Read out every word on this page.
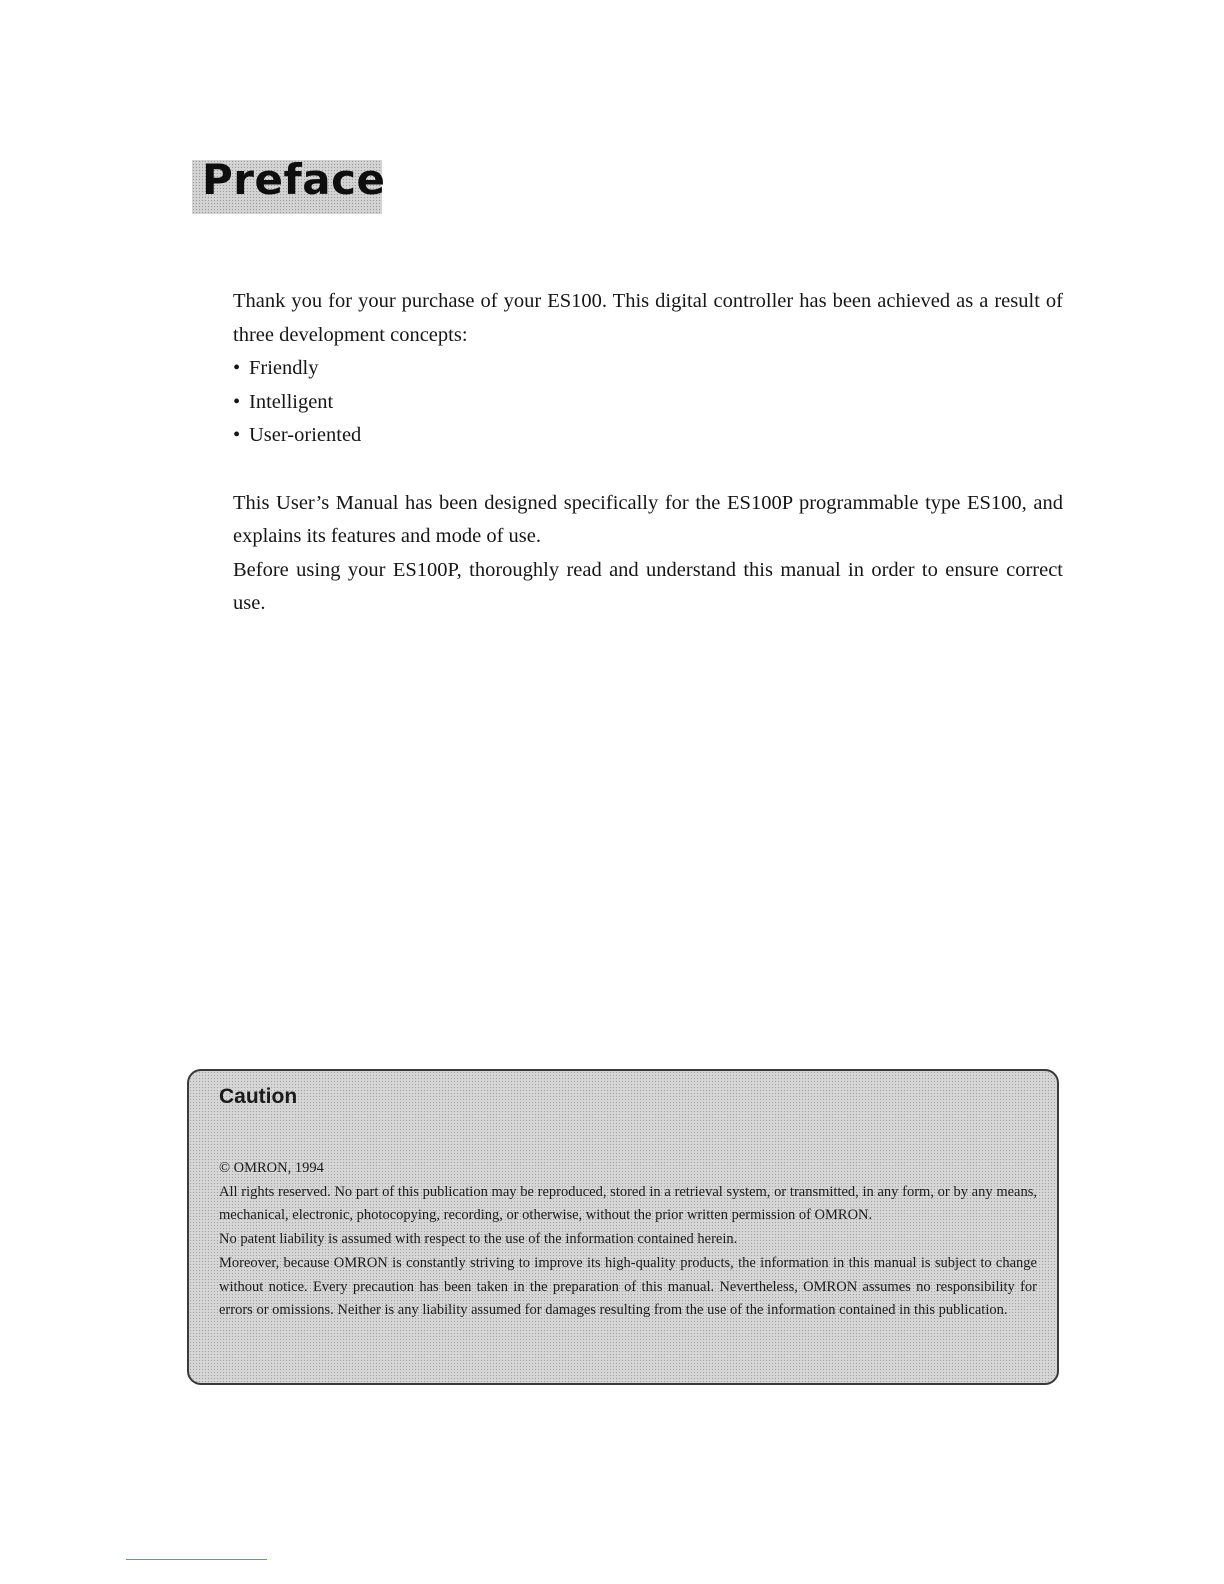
Preface

Thank you for your purchase of your ES100. This digital controller has been achieved as a result of three development concepts:

• Friendly
• Intelligent
• User-oriented

This User’s Manual has been designed specifically for the ES100P programmable type ES100, and explains its features and mode of use.

Before using your ES100P, thoroughly read and understand this manual in order to ensure correct use.

Caution

© OMRON, 1994

All rights reserved. No part of this publication may be reproduced, stored in a retrieval system, or transmitted, in any form, or by any means, mechanical, electronic, photocopying, recording, or otherwise, without the prior written permission of OMRON.

No patent liability is assumed with respect to the use of the information contained herein.

Moreover, because OMRON is constantly striving to improve its high-quality products, the information in this manual is subject to change without notice. Every precaution has been taken in the preparation of this manual. Nevertheless, OMRON assumes no responsibility for errors or omissions. Neither is any liability assumed for damages resulting from the use of the information contained in this publication.
